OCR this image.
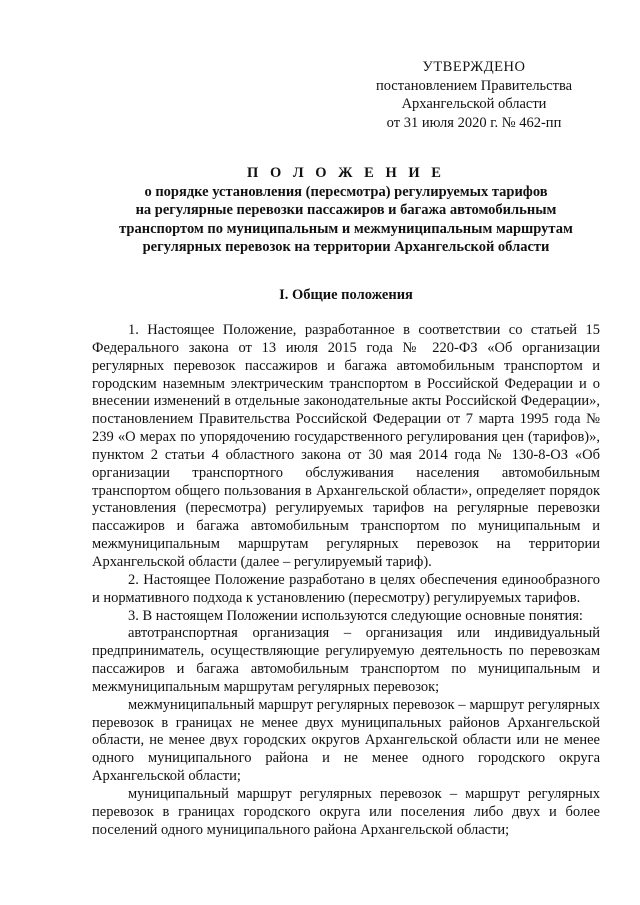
УТВЕРЖДЕНО
постановлением Правительства
Архангельской области
от 31 июля 2020 г. № 462-пп
П О Л О Ж Е Н И Е
о порядке установления (пересмотра) регулируемых тарифов
на регулярные перевозки пассажиров и багажа автомобильным
транспортом по муниципальным и межмуниципальным маршрутам
регулярных перевозок на территории Архангельской области
I. Общие положения

1. Настоящее Положение, разработанное в соответствии со статьей 15 Федерального закона от 13 июля 2015 года № 220-ФЗ «Об организации регулярных перевозок пассажиров и багажа автомобильным транспортом и городским наземным электрическим транспортом в Российской Федерации и о внесении изменений в отдельные законодательные акты Российской Федерации», постановлением Правительства Российской Федерации от 7 марта 1995 года № 239 «О мерах по упорядочению государственного регулирования цен (тарифов)», пунктом 2 статьи 4 областного закона от 30 мая 2014 года № 130-8-ОЗ «Об организации транспортного обслуживания населения автомобильным транспортом общего пользования в Архангельской области», определяет порядок установления (пересмотра) регулируемых тарифов на регулярные перевозки пассажиров и багажа автомобильным транспортом по муниципальным и межмуниципальным маршрутам регулярных перевозок на территории Архангельской области (далее – регулируемый тариф).

2. Настоящее Положение разработано в целях обеспечения единообразного и нормативного подхода к установлению (пересмотру) регулируемых тарифов.

3. В настоящем Положении используются следующие основные понятия:

автотранспортная организация – организация или индивидуальный предприниматель, осуществляющие регулируемую деятельность по перевозкам пассажиров и багажа автомобильным транспортом по муниципальным и межмуниципальным маршрутам регулярных перевозок;

межмуниципальный маршрут регулярных перевозок – маршрут регулярных перевозок в границах не менее двух муниципальных районов Архангельской области, не менее двух городских округов Архангельской области или не менее одного муниципального района и не менее одного городского округа Архангельской области;

муниципальный маршрут регулярных перевозок – маршрут регулярных перевозок в границах городского округа или поселения либо двух и более поселений одного муниципального района Архангельской области;
